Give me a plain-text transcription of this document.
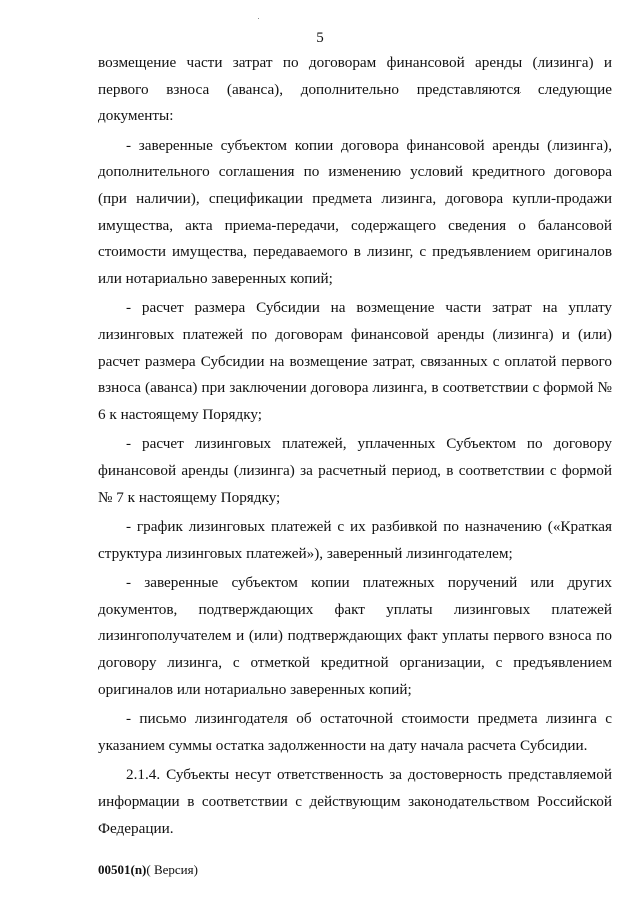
5

возмещение части затрат по договорам финансовой аренды (лизинга) и первого взноса (аванса), дополнительно представляются следующие документы:

- заверенные субъектом копии договора финансовой аренды (лизинга), дополнительного соглашения по изменению условий кредитного договора (при наличии), спецификации предмета лизинга, договора купли-продажи имущества, акта приема-передачи, содержащего сведения о балансовой стоимости имущества, передаваемого в лизинг, с предъявлением оригиналов или нотариально заверенных копий;

- расчет размера Субсидии на возмещение части затрат на уплату лизинговых платежей по договорам финансовой аренды (лизинга) и (или) расчет размера Субсидии на возмещение затрат, связанных с оплатой первого взноса (аванса) при заключении договора лизинга, в соответствии с формой № 6 к настоящему Порядку;

- расчет лизинговых платежей, уплаченных Субъектом по договору финансовой аренды (лизинга) за расчетный период, в соответствии с формой № 7 к настоящему Порядку;

- график лизинговых платежей с их разбивкой по назначению («Краткая структура лизинговых платежей»), заверенный лизингодателем;

- заверенные субъектом копии платежных поручений или других документов, подтверждающих факт уплаты лизинговых платежей лизингополучателем и (или) подтверждающих факт уплаты первого взноса по договору лизинга, с отметкой кредитной организации, с предъявлением оригиналов или нотариально заверенных копий;

- письмо лизингодателя об остаточной стоимости предмета лизинга с указанием суммы остатка задолженности на дату начала расчета Субсидии.

2.1.4. Субъекты несут ответственность за достоверность представляемой информации в соответствии с действующим законодательством Российской Федерации.

00501(n)( Версия)
